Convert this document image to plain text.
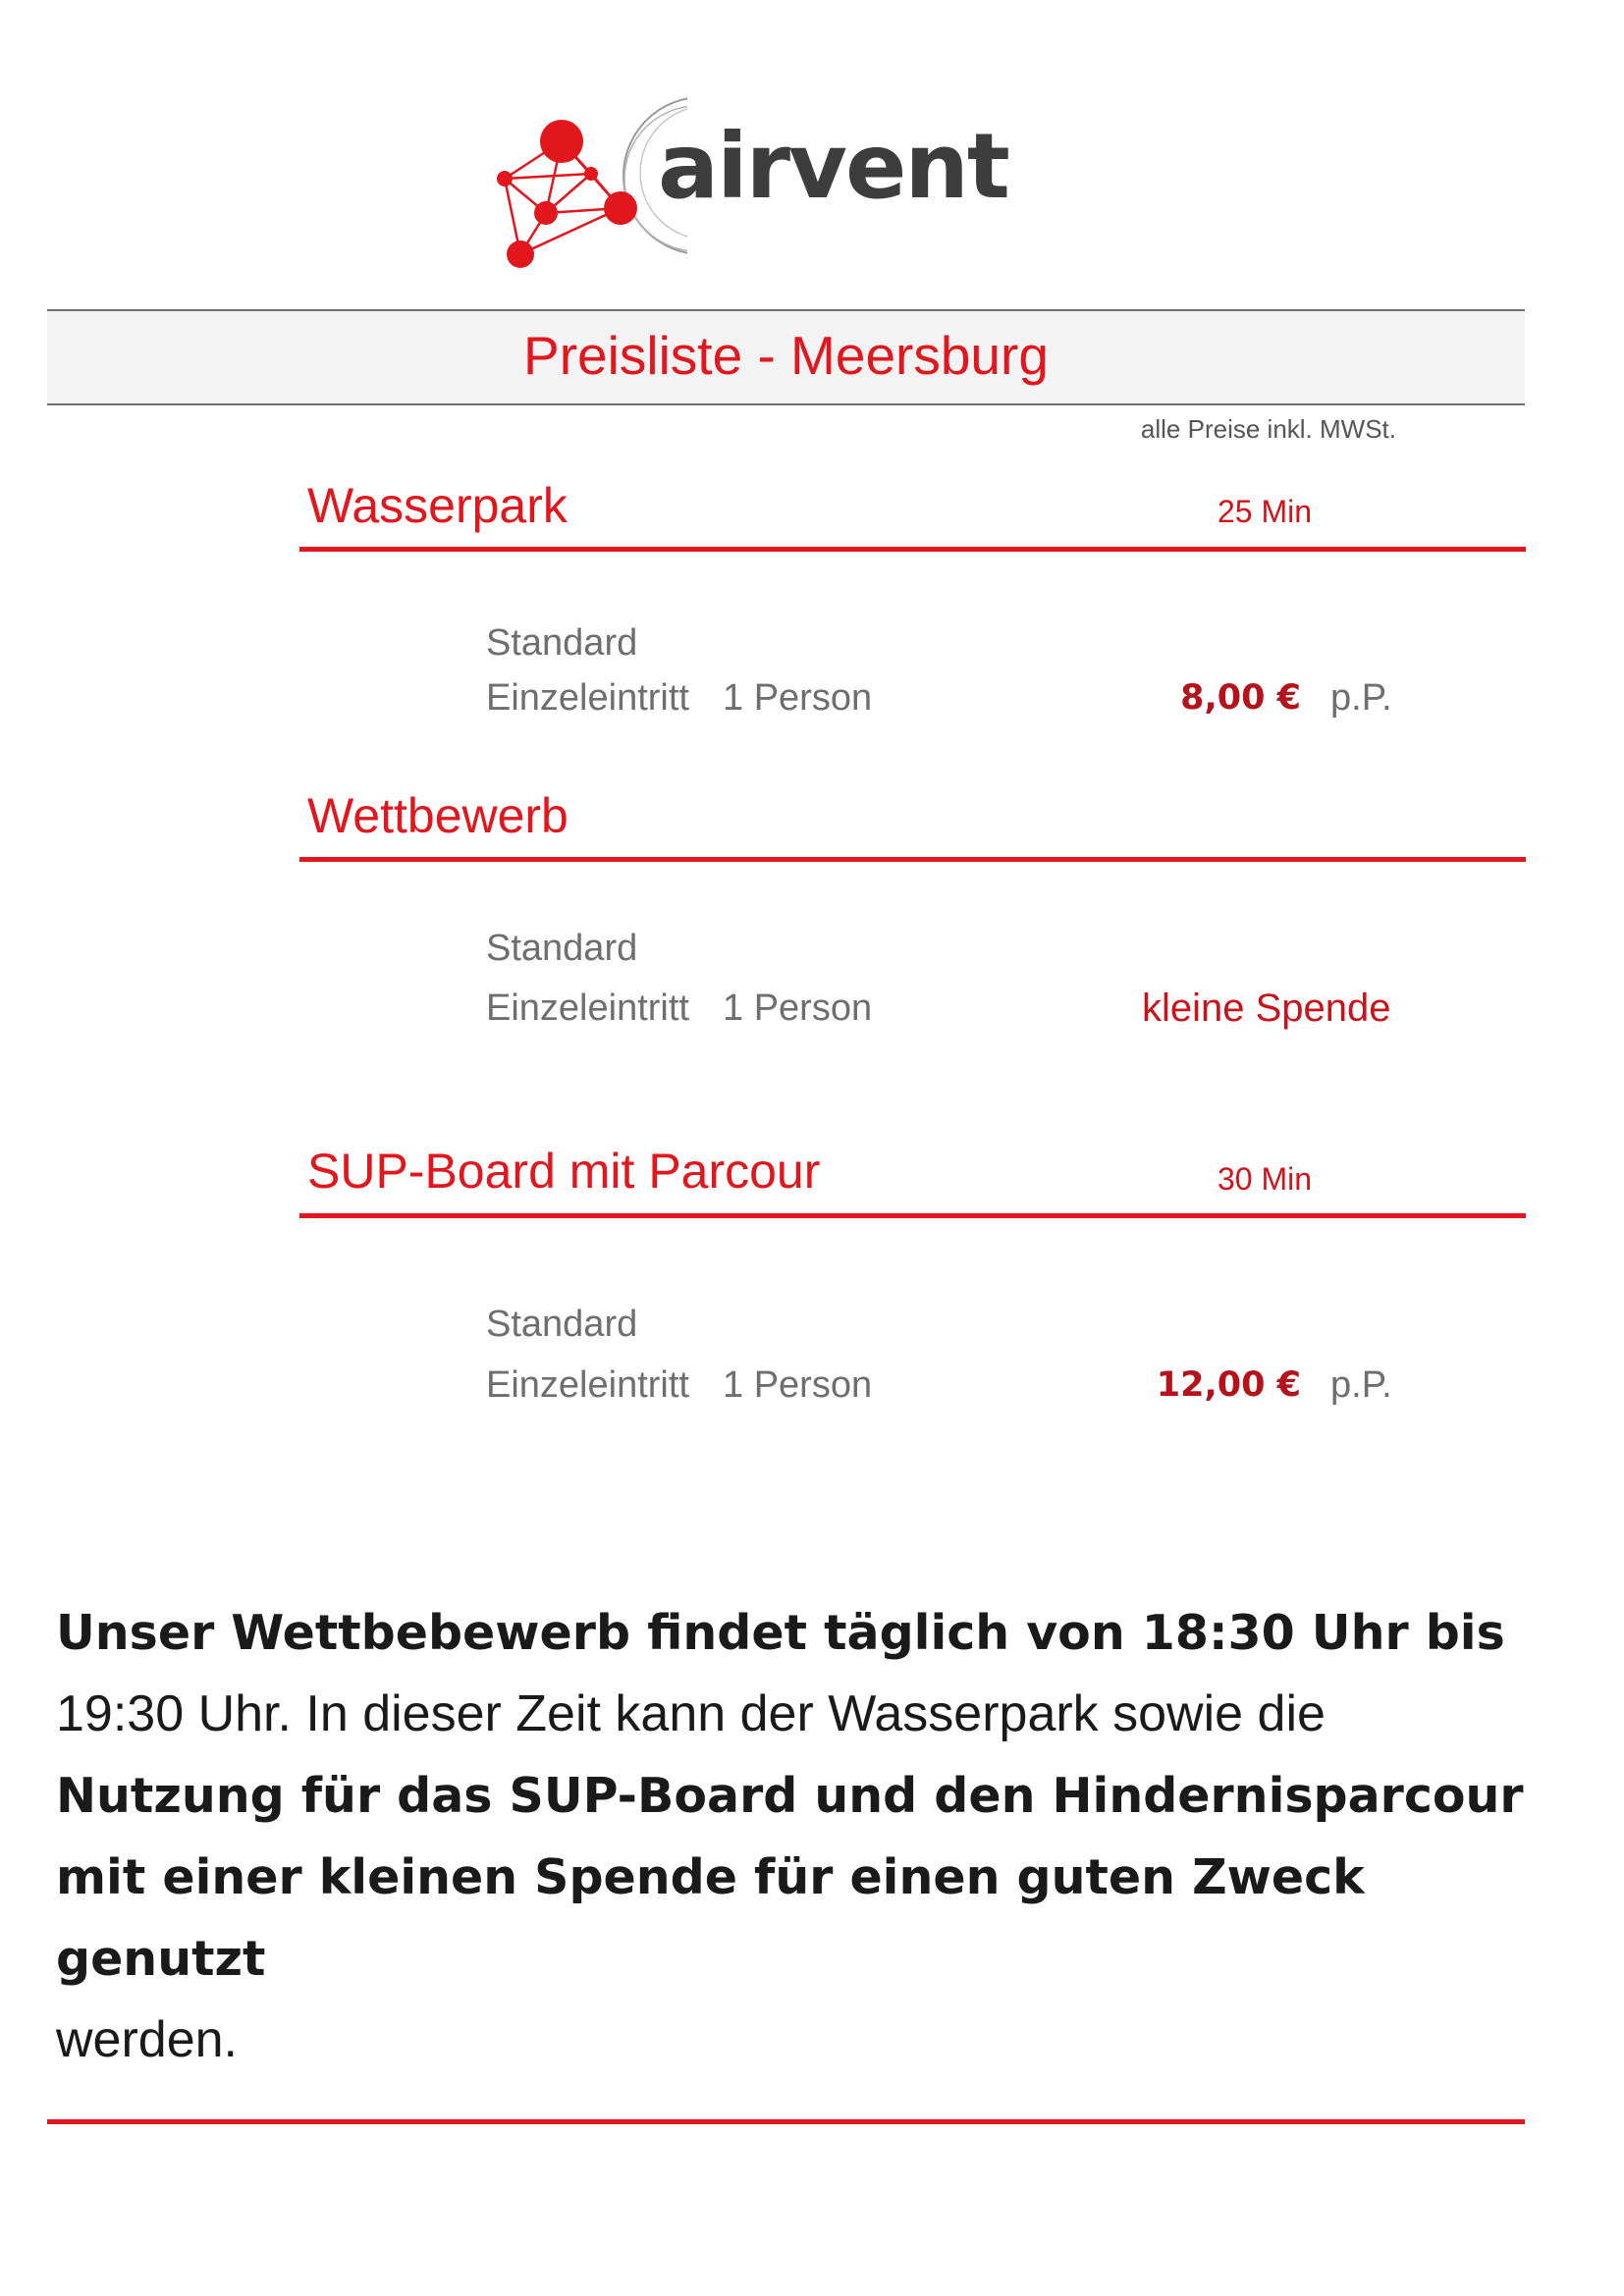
airvent
Preisliste - Meersburg
alle Preise inkl. MWSt.
Wasserpark	25 Min
Standard
Einzeleintritt 1 Person	8,00 € p.P.
Wettbewerb
Standard
Einzeleintritt 1 Person	kleine Spende
SUP-Board mit Parcour	30 Min
Standard
Einzeleintritt 1 Person	12,00 € p.P.
Unser Wettbebewerb findet täglich von 18:30 Uhr bis
19:30 Uhr. In dieser Zeit kann der Wasserpark sowie die
Nutzung für das SUP-Board und den Hindernisparcour
mit einer kleinen Spende für einen guten Zweck genutzt
werden.
